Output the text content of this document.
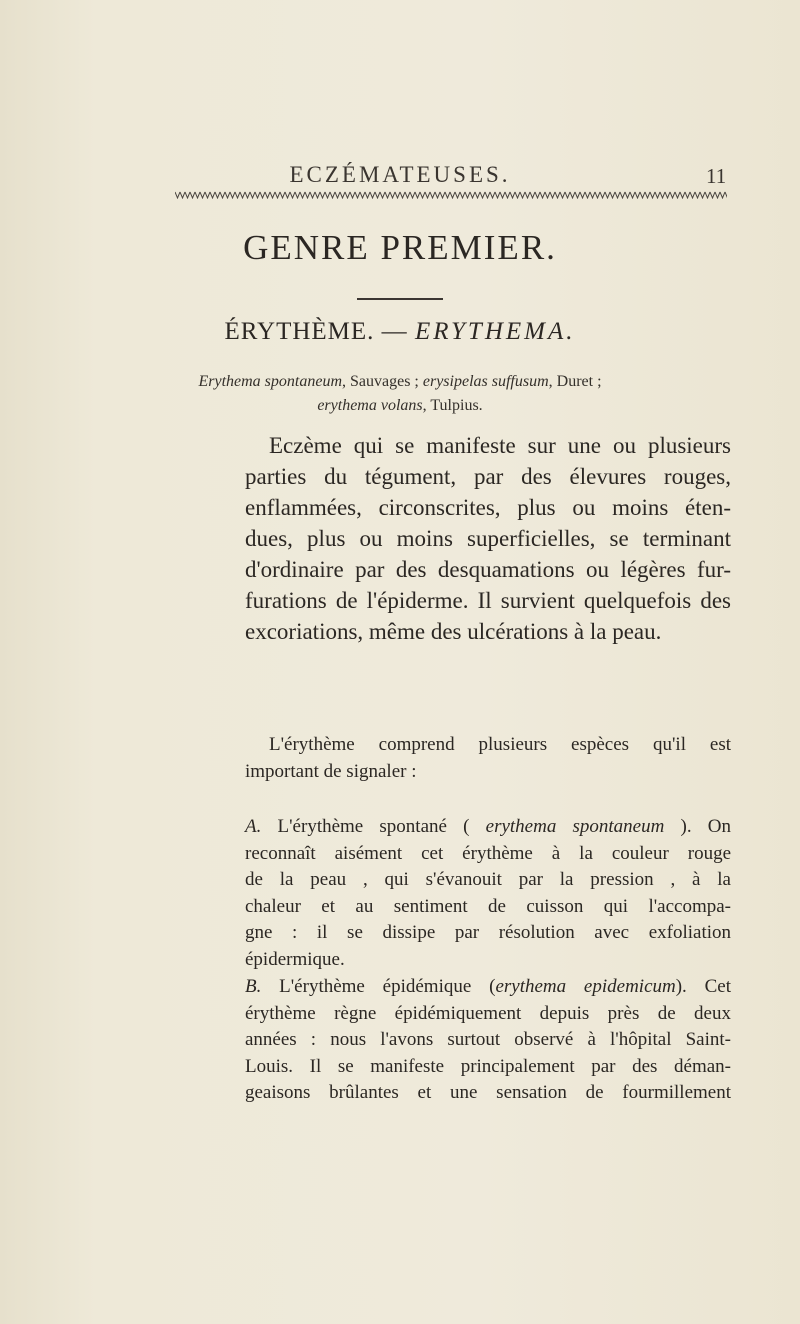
ECZÉMATEUSES.	11
GENRE PREMIER.
ÉRYTHÈME. — ERYTHEMA.
Erythema spontaneum, Sauvages ; erysipelas suffusum, Duret ;
erythema volans, Tulpius.
Eczème qui se manifeste sur une ou plusieurs
parties du tégument, par des élevures rouges,
enflammées, circonscrites, plus ou moins éten-
dues, plus ou moins superficielles, se terminant
d'ordinaire par des desquamations ou légères fur-
furations de l'épiderme. Il survient quelquefois des
excoriations, même des ulcérations à la peau.
L'érythème comprend plusieurs espèces qu'il est
important de signaler :
A. L'érythème spontané ( erythema spontaneum ). On
reconnaît aisément cet érythème à la couleur rouge
de la peau , qui s'évanouit par la pression , à la
chaleur et au sentiment de cuisson qui l'accompa-
gne : il se dissipe par résolution avec exfoliation
épidermique.
B. L'érythème épidémique (erythema epidemicum). Cet
érythème règne épidémiquement depuis près de deux
années : nous l'avons surtout observé à l'hôpital Saint-
Louis. Il se manifeste principalement par des déman-
geaisons brûlantes et une sensation de fourmillement
